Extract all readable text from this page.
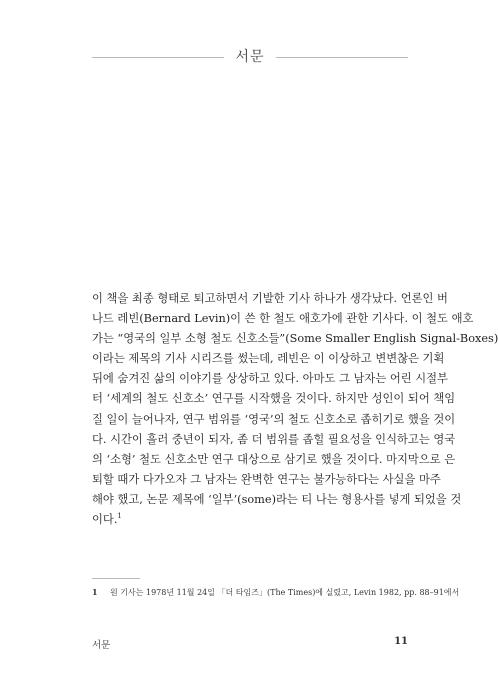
서문
이 책을 최종 형태로 퇴고하면서 기발한 기사 하나가 생각났다. 언론인 버
나드 레빈(Bernard Levin)이 쓴 한 철도 애호가에 관한 기사다. 이 철도 애호
가는 “영국의 일부 소형 철도 신호소들”(Some Smaller English Signal-Boxes)
이라는 제목의 기사 시리즈를 썼는데, 레빈은 이 이상하고 변변찮은 기획
뒤에 숨겨진 삶의 이야기를 상상하고 있다. 아마도 그 남자는 어린 시절부
터 ‘세계의 철도 신호소’ 연구를 시작했을 것이다. 하지만 성인이 되어 책임
질 일이 늘어나자, 연구 범위를 ‘영국’의 철도 신호소로 좁히기로 했을 것이
다. 시간이 흘러 중년이 되자, 좀 더 범위를 좁힐 필요성을 인식하고는 영국
의 ‘소형’ 철도 신호소만 연구 대상으로 삼기로 했을 것이다. 마지막으로 은
퇴할 때가 다가오자 그 남자는 완벽한 연구는 불가능하다는 사실을 마주
해야 했고, 논문 제목에 ‘일부’(some)라는 티 나는 형용사를 넣게 되었을 것
이다.$^1$
1 원 기사는 1978년 11월 24일 「더 타임즈」(The Times)에 실렸고, Levin 1982, pp. 88–91에서
서문	11
